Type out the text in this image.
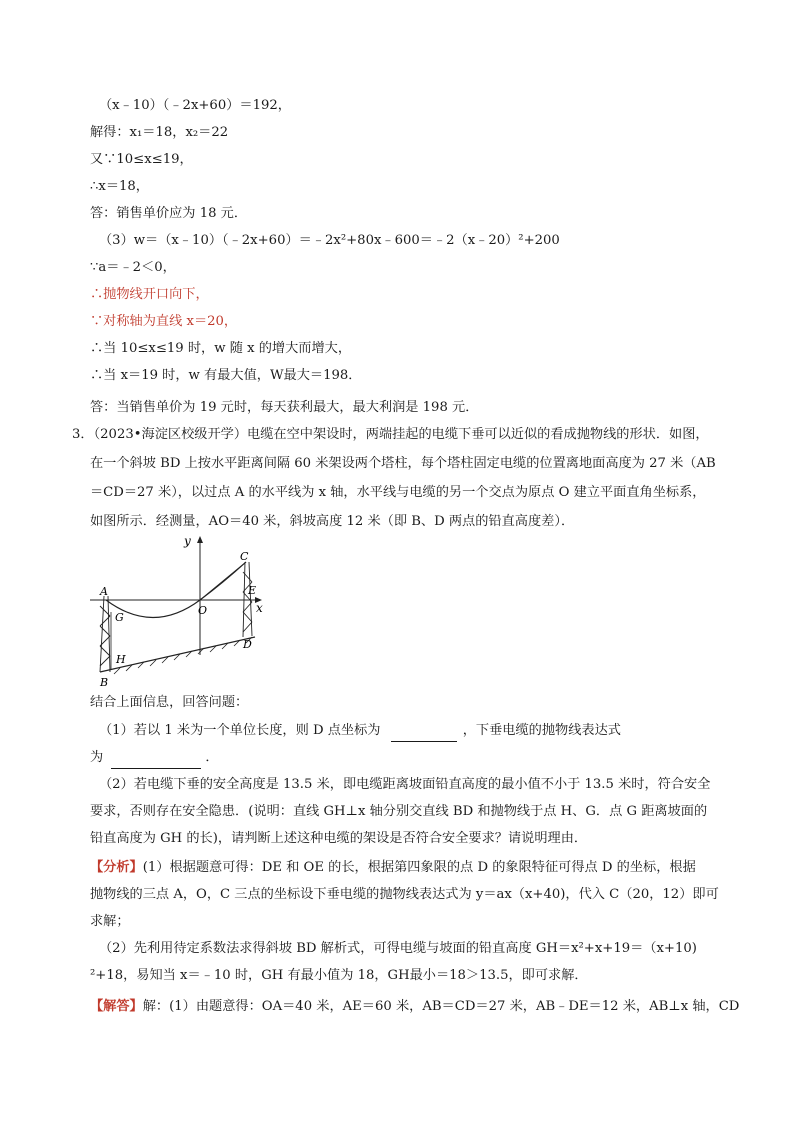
（x﹣10）（﹣2x+60）＝192，
解得：x₁＝18，x₂＝22
又∵10≤x≤19，
∴x＝18，
答：销售单价应为 18 元．
（3）w＝（x﹣10）（﹣2x+60）＝﹣2x²+80x﹣600＝﹣2（x﹣20）²+200
∵a＝﹣2＜0，
∴抛物线开口向下，
∵对称轴为直线 x＝20，
∴当 10≤x≤19 时，w 随 x 的增大而增大，
∴当 x＝19 时，w 有最大值，W最大＝198．
答：当销售单价为 19 元时，每天获利最大，最大利润是 198 元．
3．（2023•海淀区校级开学）电缆在空中架设时，两端挂起的电缆下垂可以近似的看成抛物线的形状．如图，
在一个斜坡 BD 上按水平距离间隔 60 米架设两个塔柱，每个塔柱固定电缆的位置离地面高度为 27 米（AB
＝CD＝27 米），以过点 A 的水平线为 x 轴，水平线与电缆的另一个交点为原点 O 建立平面直角坐标系，
如图所示．经测量，AO＝40 米，斜坡高度 12 米（即 B、D 两点的铅直高度差）．
y
x
A
O
C
E
G
H
D
B
结合上面信息，回答问题：
（1）若以 1 米为一个单位长度，则 D 点坐标为	，下垂电缆的抛物线表达式
为	．
（2）若电缆下垂的安全高度是 13.5 米，即电缆距离坡面铅直高度的最小值不小于 13.5 米时，符合安全
要求，否则存在安全隐患．(说明：直线 GH⊥x 轴分别交直线 BD 和抛物线于点 H、G．点 G 距离坡面的
铅直高度为 GH 的长)，请判断上述这种电缆的架设是否符合安全要求？请说明理由．
【分析】(1）根据题意可得：DE 和 OE 的长，根据第四象限的点 D 的象限特征可得点 D 的坐标，根据
抛物线的三点 A，O，C 三点的坐标设下垂电缆的抛物线表达式为 y＝ax（x+40)，代入 C（20，12）即可
求解；
（2）先利用待定系数法求得斜坡 BD 解析式，可得电缆与坡面的铅直高度 GH＝x²+x+19＝（x+10)
²+18，易知当 x＝﹣10 时，GH 有最小值为 18，GH最小＝18＞13.5，即可求解．
【解答】解：(1）由题意得：OA＝40 米，AE＝60 米，AB＝CD＝27 米，AB﹣DE＝12 米，AB⊥x 轴，CD
